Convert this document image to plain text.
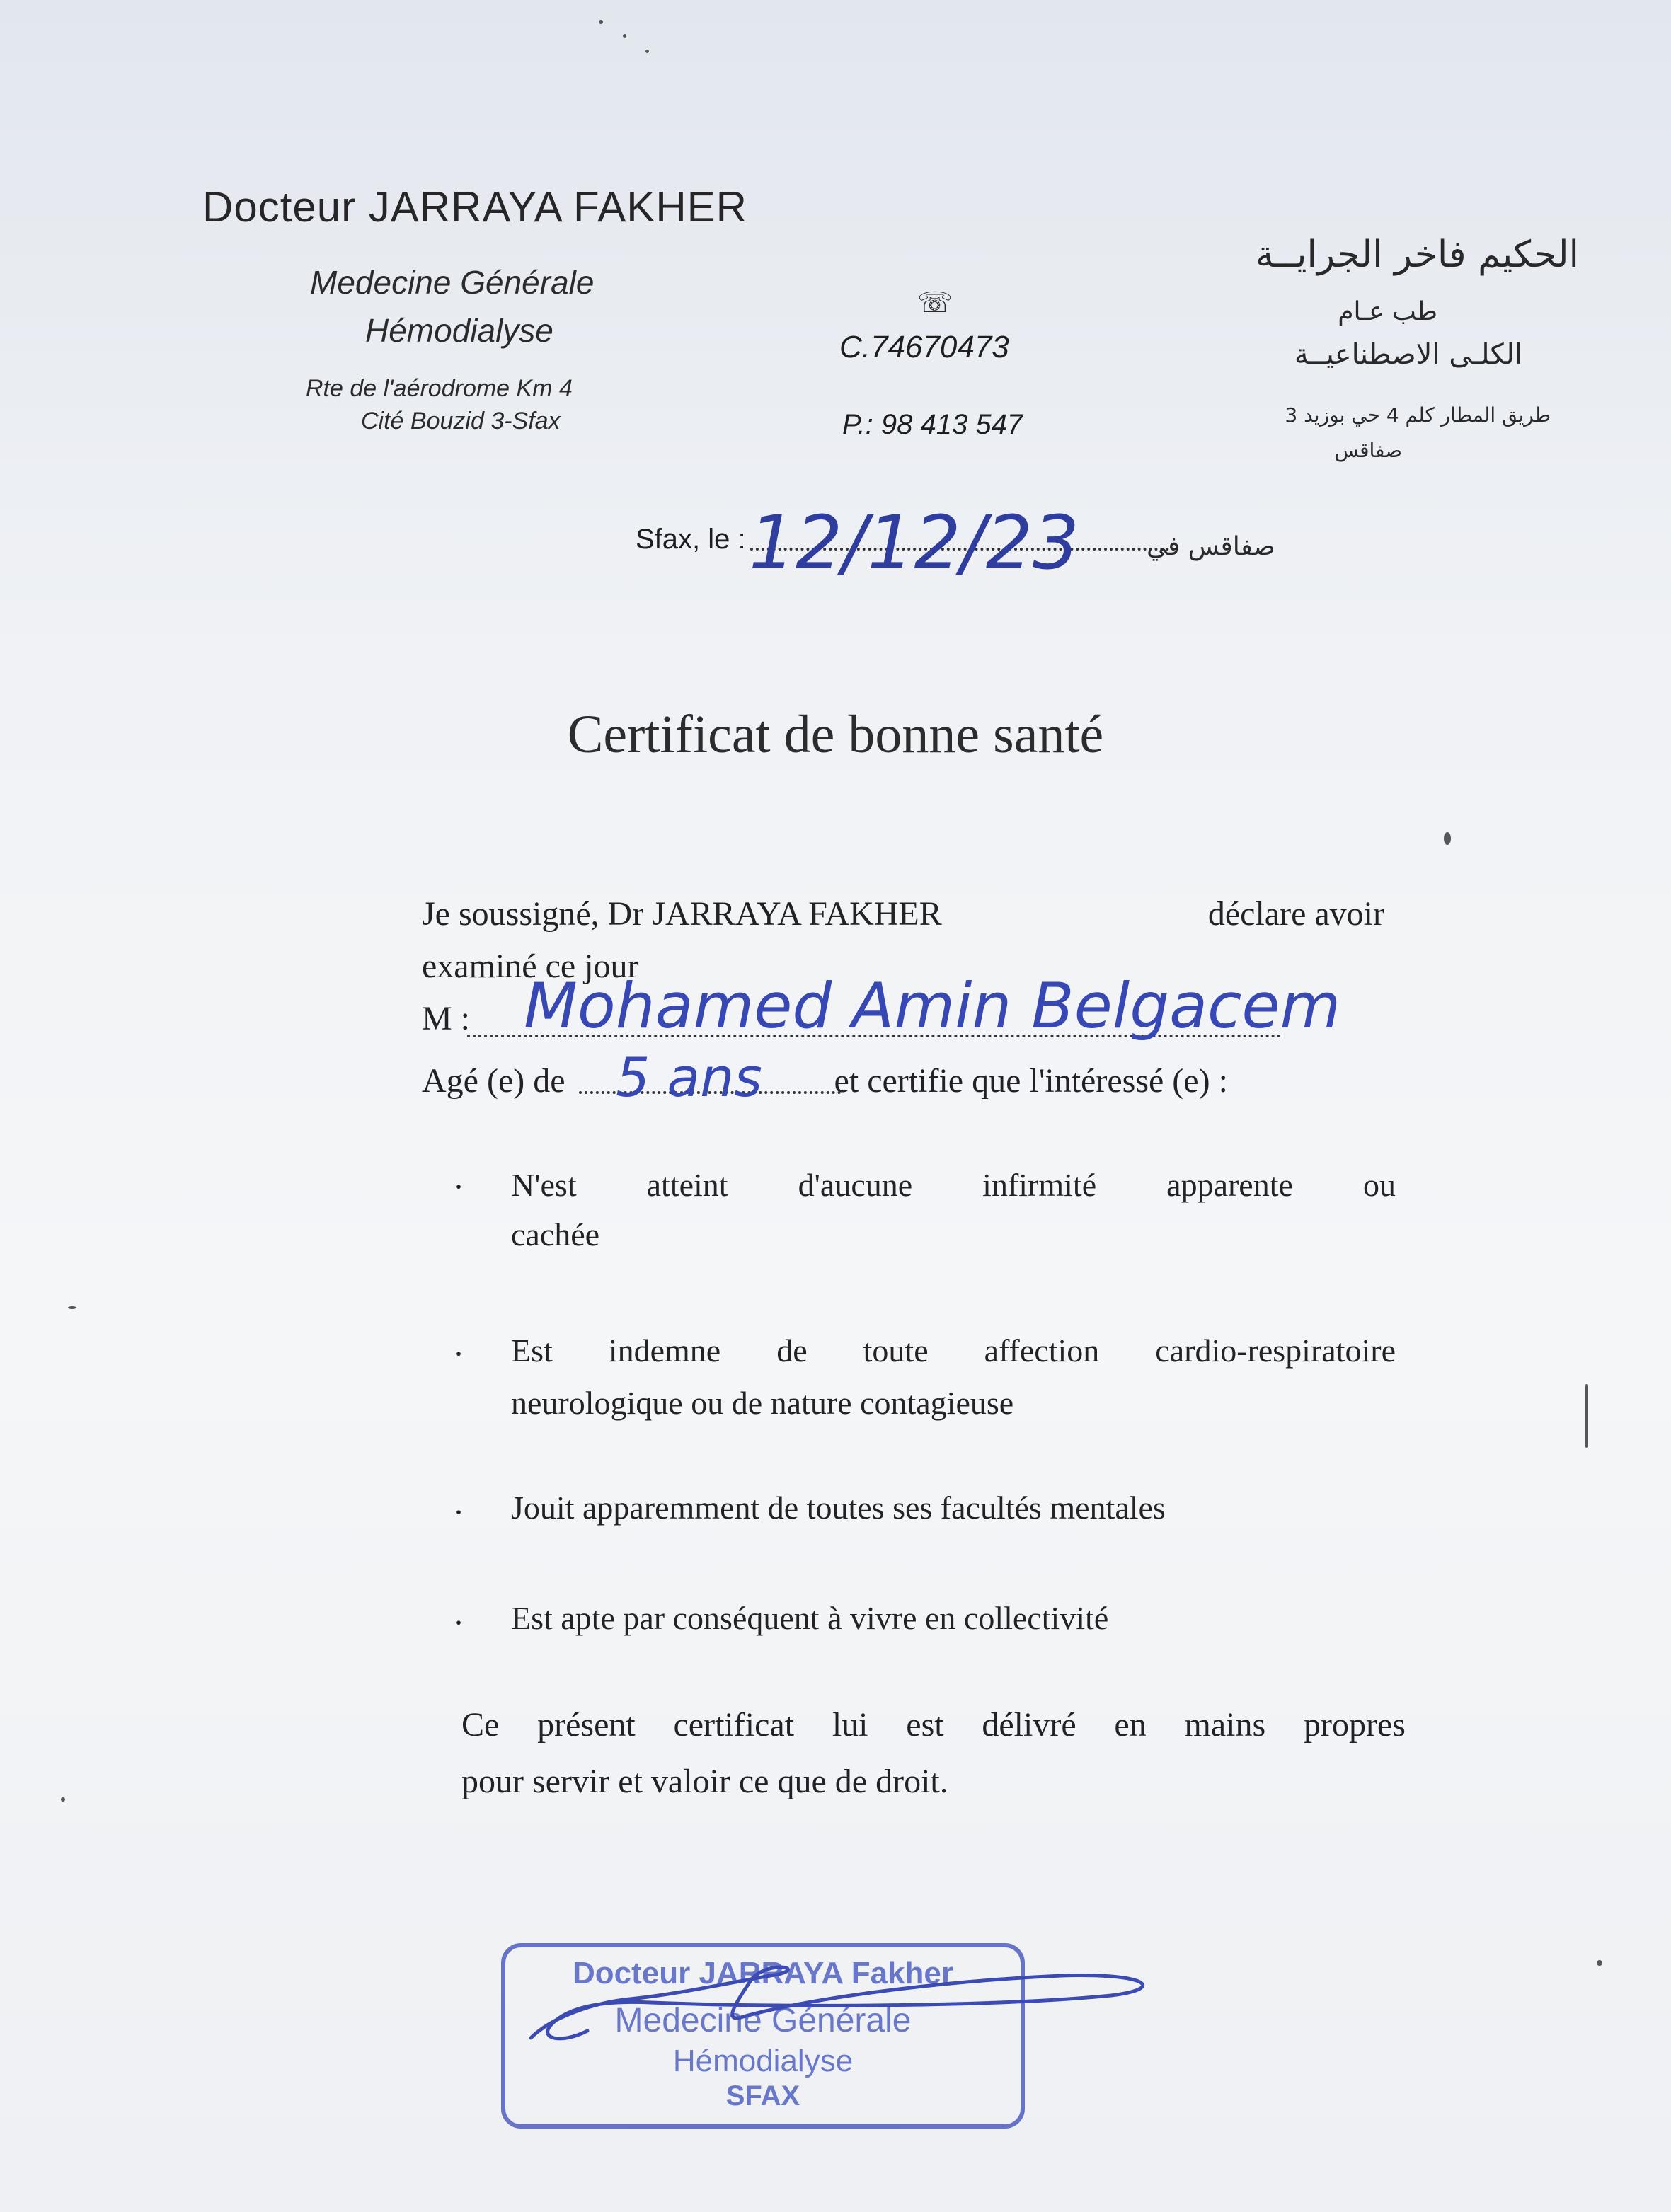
Docteur JARRAYA FAKHER
Medecine Générale
Hémodialyse
Rte de l'aérodrome Km 4
Cité Bouzid 3-Sfax
☏
C.74670473
P.: 98 413 547
الحكيم فاخر الجرايــة
طب عـام
الكلـى الاصطناعيــة
طريق المطار كلم 4 حي بوزيد 3
صفاقس
Sfax, le : 12/12/23	صفاقس في
Certificat de bonne santé
Je soussigné, Dr JARRAYA FAKHER	déclare avoir
examiné ce jour
M : Mohamed Amin Belgacem
Agé (e) de	et certifie que l'intéressé (e) :
5 ans
· N'est atteint d'aucune infirmité apparente ou
cachée
· Est indemne de toute affection cardio-respiratoire
neurologique ou de nature contagieuse
· Jouit apparemment de toutes ses facultés mentales
· Est apte par conséquent à vivre en collectivité
Ce présent certificat lui est délivré en mains propres
pour servir et valoir ce que de droit.
Docteur JARRAYA Fakher
Medecine Générale
Hémodialyse
SFAX
